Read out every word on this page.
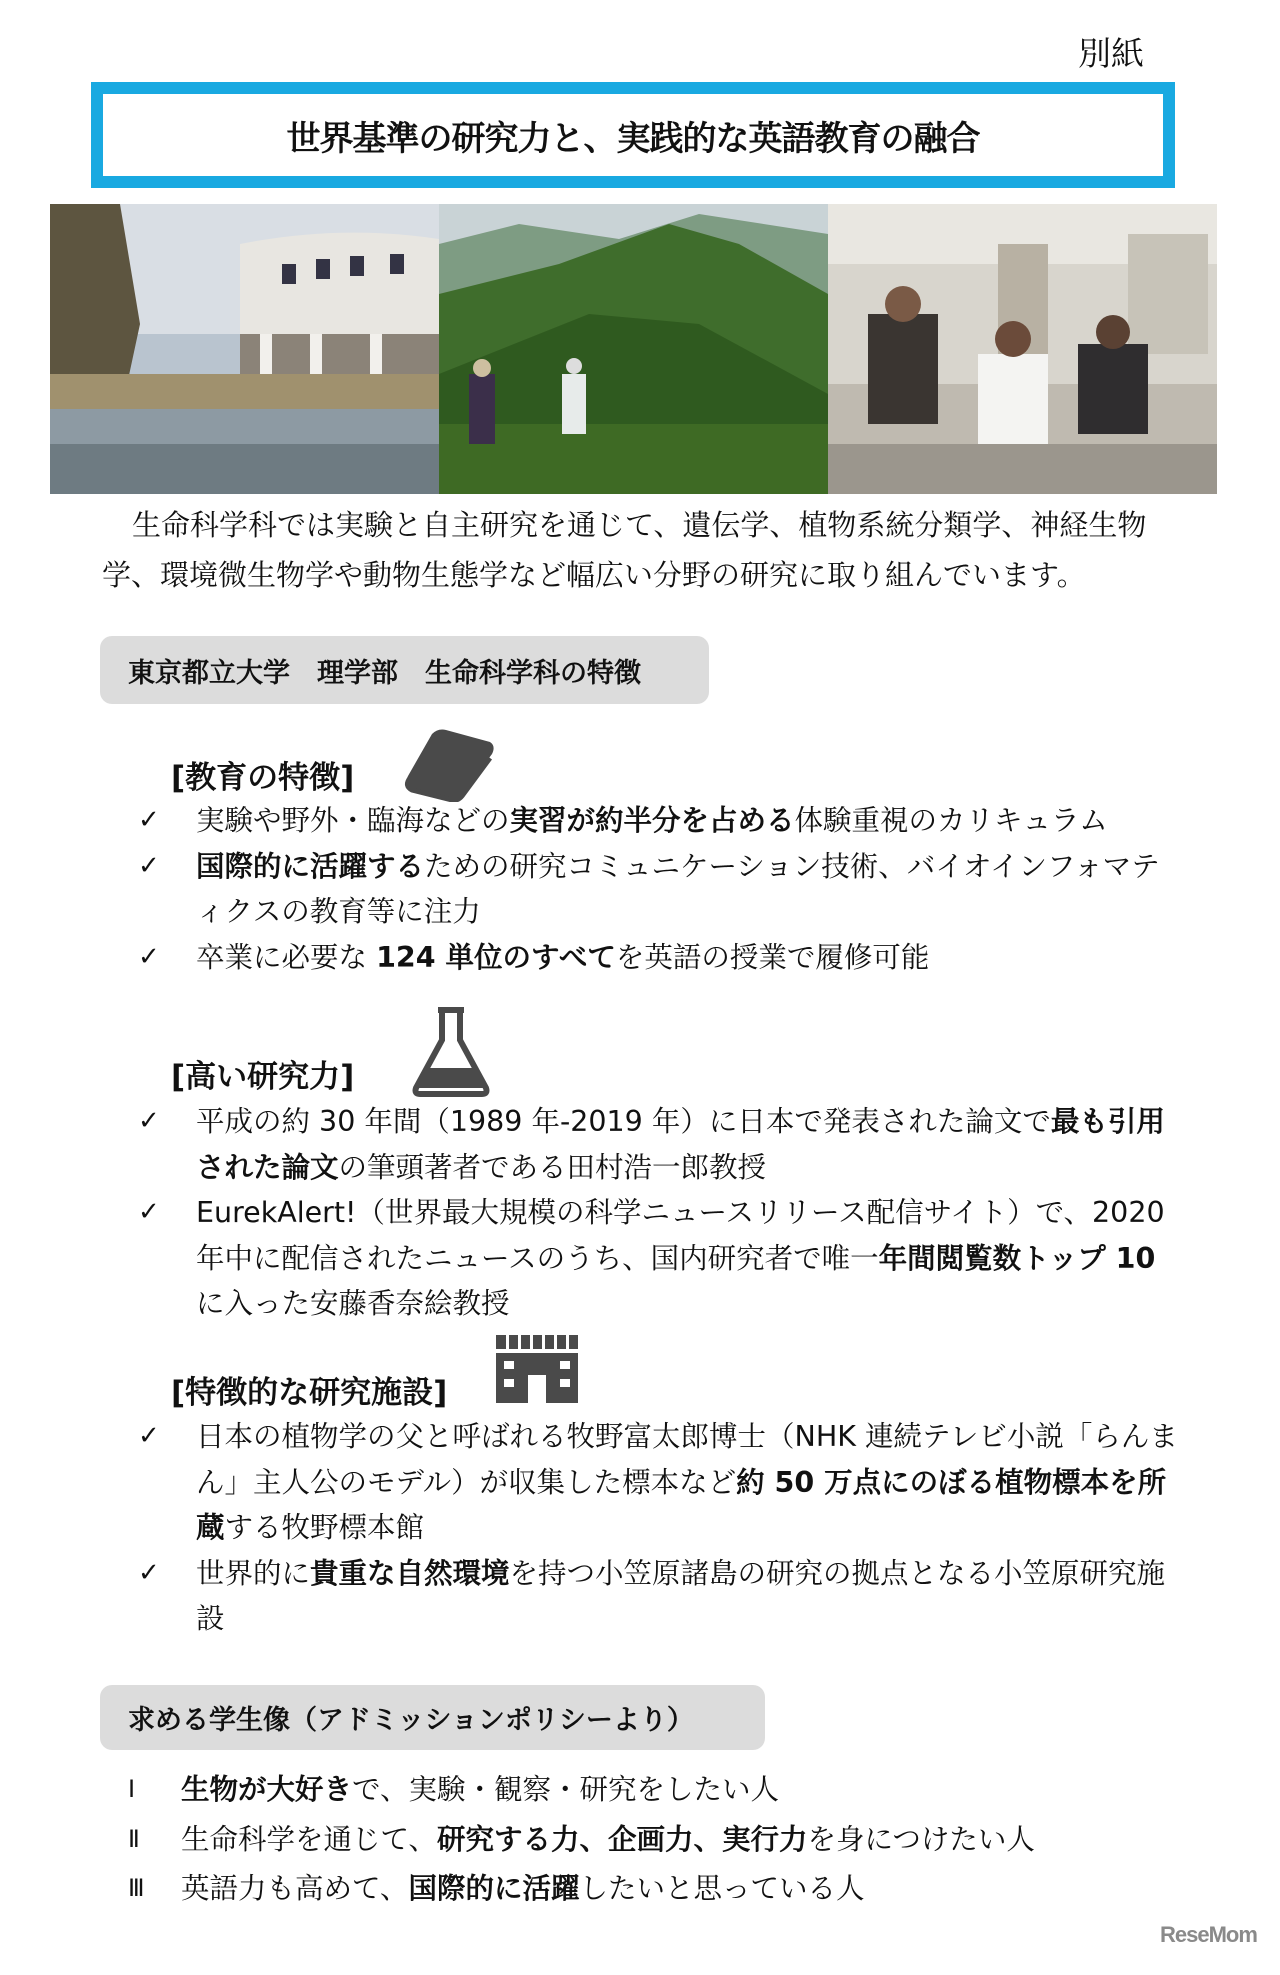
別紙
世界基準の研究力と、実践的な英語教育の融合
生命科学科では実験と自主研究を通じて、遺伝学、植物系統分類学、神経生物学、環境微生物学や動物生態学など幅広い分野の研究に取り組んでいます。
東京都立大学　理学部　生命科学科の特徴
[教育の特徴]
✓	実験や野外・臨海などの実習が約半分を占める体験重視のカリキュラム
✓	国際的に活躍するための研究コミュニケーション技術、バイオインフォマティクスの教育等に注力
✓	卒業に必要な 124 単位のすべてを英語の授業で履修可能
[高い研究力]
✓	平成の約 30 年間（1989 年-2019 年）に日本で発表された論文で最も引用された論文の筆頭著者である田村浩一郎教授
✓	EurekAlert!（世界最大規模の科学ニュースリリース配信サイト）で、2020 年中に配信されたニュースのうち、国内研究者で唯一年間閲覧数トップ 10 に入った安藤香奈絵教授
[特徴的な研究施設]
✓	日本の植物学の父と呼ばれる牧野富太郎博士（NHK 連続テレビ小説「らんまん」主人公のモデル）が収集した標本など約 50 万点にのぼる植物標本を所蔵する牧野標本館
✓	世界的に貴重な自然環境を持つ小笠原諸島の研究の拠点となる小笠原研究施設
求める学生像（アドミッションポリシーより）
Ⅰ	生物が大好きで、実験・観察・研究をしたい人
Ⅱ	生命科学を通じて、研究する力、企画力、実行力を身につけたい人
Ⅲ	英語力も高めて、国際的に活躍したいと思っている人
ReseMom
